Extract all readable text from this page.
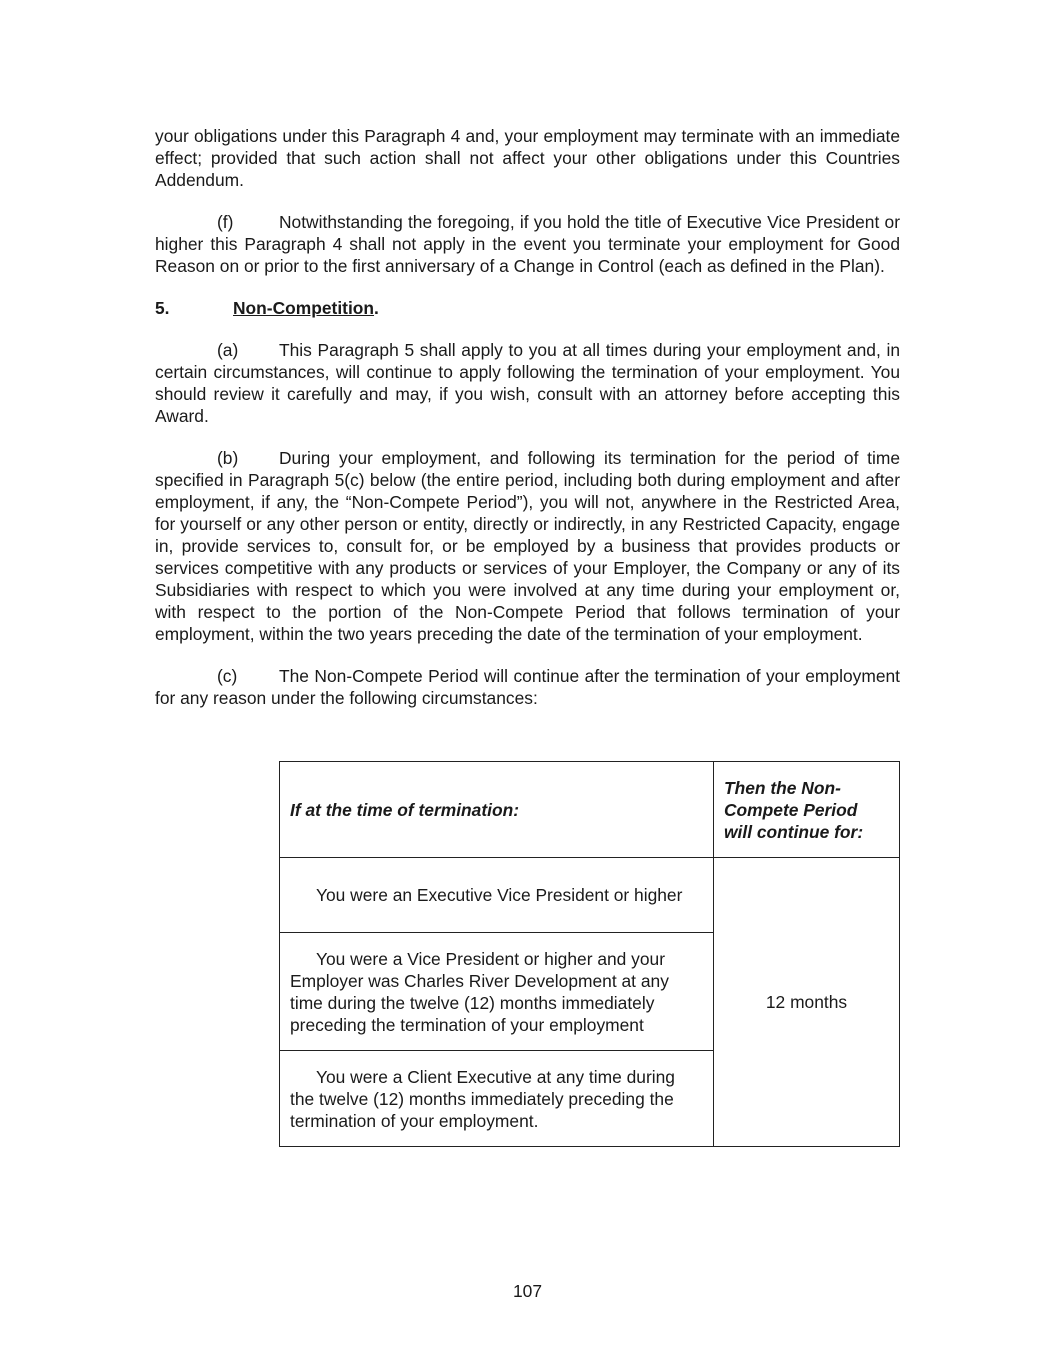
your obligations under this Paragraph 4 and, your employment may terminate with an immediate effect; provided that such action shall not affect your other obligations under this Countries Addendum.

(f)	Notwithstanding the foregoing, if you hold the title of Executive Vice President or higher this Paragraph 4 shall not apply in the event you terminate your employment for Good Reason on or prior to the first anniversary of a Change in Control (each as defined in the Plan).

5.	Non-Competition.

(a) This Paragraph 5 shall apply to you at all times during your employment and, in certain circumstances, will continue to apply following the termination of your employment. You should review it carefully and may, if you wish, consult with an attorney before accepting this Award.

(b) During your employment, and following its termination for the period of time specified in Paragraph 5(c) below (the entire period, including both during employment and after employment, if any, the “Non-Compete Period”), you will not, anywhere in the Restricted Area, for yourself or any other person or entity, directly or indirectly, in any Restricted Capacity, engage in, provide services to, consult for, or be employed by a business that provides products or services competitive with any products or services of your Employer, the Company or any of its Subsidiaries with respect to which you were involved at any time during your employment or, with respect to the portion of the Non-Compete Period that follows termination of your employment, within the two years preceding the date of the termination of your employment.

(c) The Non-Compete Period will continue after the termination of your employment for any reason under the following circumstances:

If at the time of termination:	Then the Non-Compete Period will continue for:

You were an Executive Vice President or higher	12 months

You were a Vice President or higher and your Employer was Charles River Development at any time during the twelve (12) months immediately preceding the termination of your employment	

You were a Client Executive at any time during the twelve (12) months immediately preceding the termination of your employment.	
107
